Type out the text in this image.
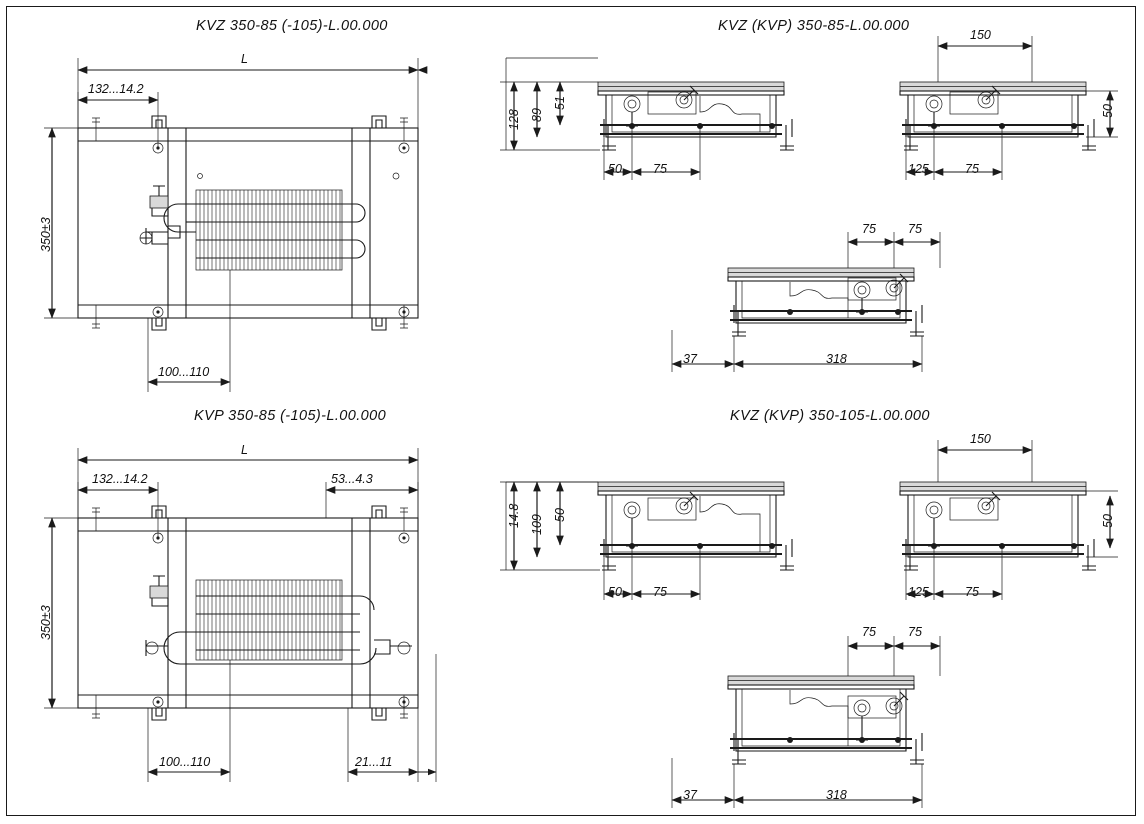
KVZ 350-85 (-105)-L.00.000	KVZ (KVP) 350-85-L.00.000
KVP 350-85 (-105)-L.00.000	KVZ (KVP) 350-105-L.00.000
L
132...14.2
350±3
100...110
L
132...14.2	53...4.3
350±3
100...110	21...11
128 89
51
50 75
150
50
125	75
75	75
37	318
14.8 109 50
50 75
150
50
125	75
75	75
37	318
